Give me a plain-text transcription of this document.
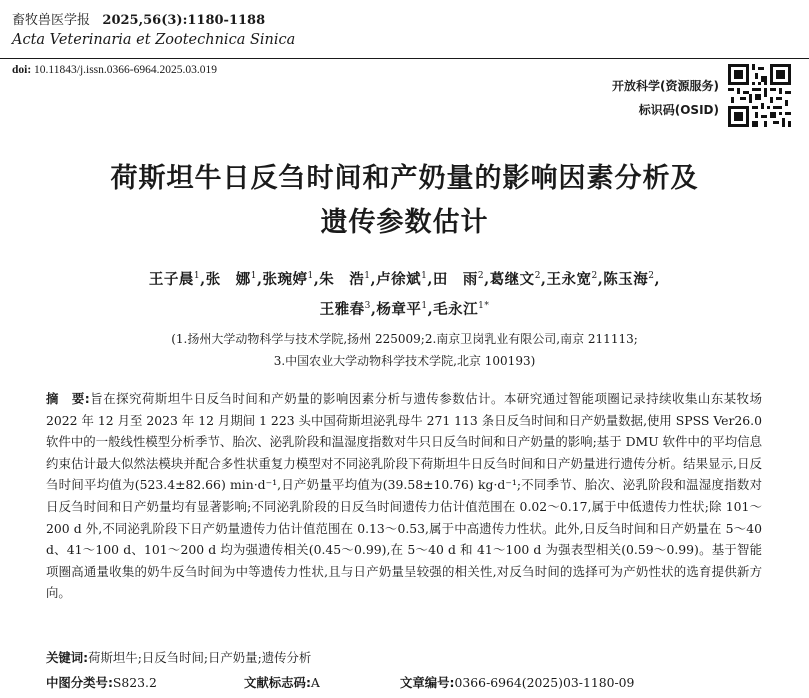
畜牧兽医学报 2025,56(3):1180-1188
Acta Veterinaria et Zootechnica Sinica
doi: 10.11843/j.issn.0366-6964.2025.03.019
开放科学(资源服务)
标识码(OSID)
荷斯坦牛日反刍时间和产奶量的影响因素分析及
遗传参数估计
王子晨$^1$,张　娜$^1$,张琬婷$^1$,朱　浩$^1$,卢徐斌$^1$,田　雨$^2$,葛继文$^2$,王永宽$^2$,陈玉海$^2$,
王雅春$^3$,杨章平$^1$,毛永江$^{1*}$
(1.扬州大学动物科学与技术学院,扬州 225009;2.南京卫岗乳业有限公司,南京 211113;
3.中国农业大学动物科学技术学院,北京 100193)
摘　要:旨在探究荷斯坦牛日反刍时间和产奶量的影响因素分析与遗传参数估计。本研究通过智能项圈记录持续收集山东某牧场 2022 年 12 月至 2023 年 12 月期间 1 223 头中国荷斯坦泌乳母牛 271 113 条日反刍时间和日产奶量数据,使用 SPSS Ver26.0 软件中的一般线性模型分析季节、胎次、泌乳阶段和温湿度指数对牛只日反刍时间和日产奶量的影响;基于 DMU 软件中的平均信息约束估计最大似然法模块并配合多性状重复力模型对不同泌乳阶段下荷斯坦牛日反刍时间和日产奶量进行遗传分析。结果显示,日反刍时间平均值为(523.4±82.66) min·d⁻¹,日产奶量平均值为(39.58±10.76) kg·d⁻¹;不同季节、胎次、泌乳阶段和温湿度指数对日反刍时间和日产奶量均有显著影响;不同泌乳阶段的日反刍时间遗传力估计值范围在 0.02～0.17,属于中低遗传力性状;除 101～200 d 外,不同泌乳阶段下日产奶量遗传力估计值范围在 0.13～0.53,属于中高遗传力性状。此外,日反刍时间和日产奶量在 5～40 d、41～100 d、101～200 d 均为强遗传相关(0.45～0.99),在 5～40 d 和 41～100 d 为强表型相关(0.59～0.99)。基于智能项圈高通量收集的奶牛反刍时间为中等遗传力性状,且与日产奶量呈较强的相关性,对反刍时间的选择可为产奶性状的选育提供新方向。
关键词:荷斯坦牛;日反刍时间;日产奶量;遗传分析
中图分类号:S823.2	文献标志码:A	文章编号:0366-6964(2025)03-1180-09
